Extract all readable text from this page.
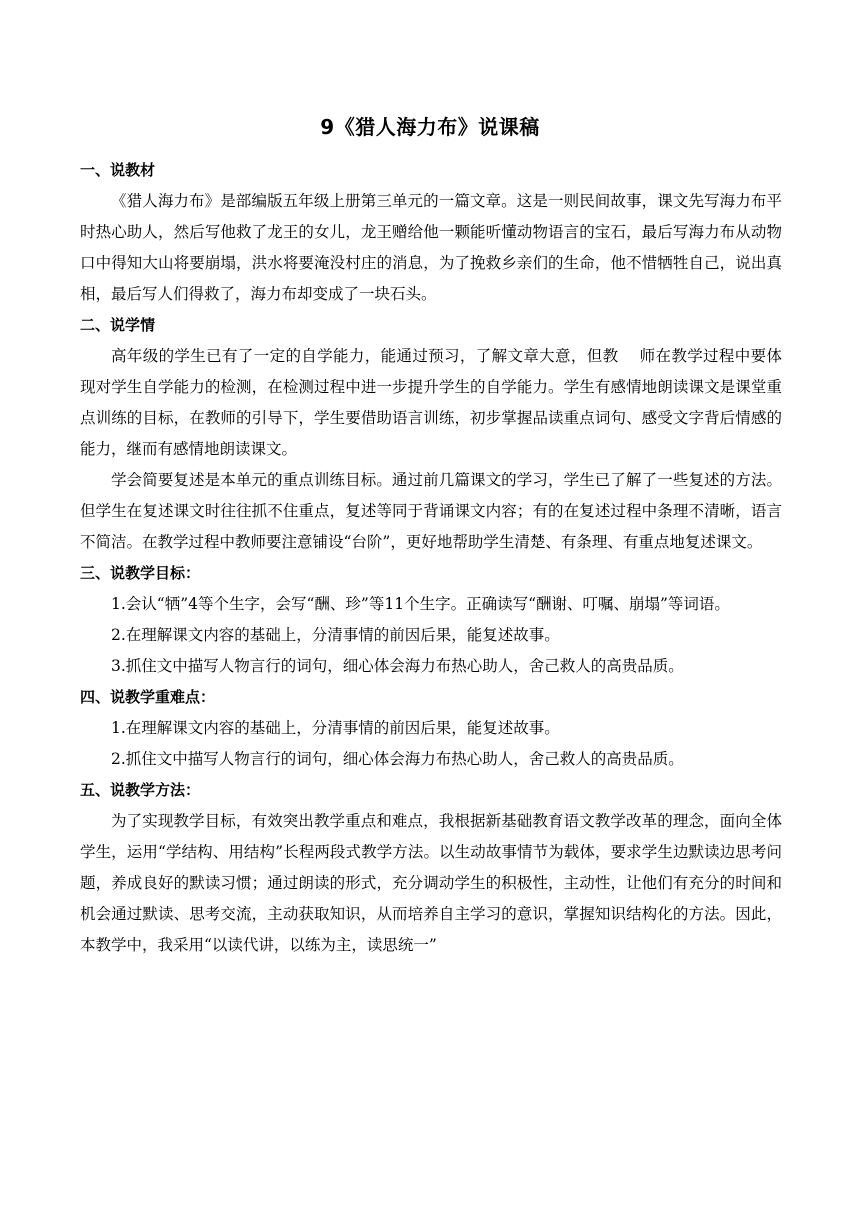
9《猎人海力布》说课稿

一、说教材

《猎人海力布》是部编版五年级上册第三单元的一篇文章。这是一则民间故事，课文先写海力布平时热心助人，然后写他救了龙王的女儿，龙王赠给他一颗能听懂动物语言的宝石，最后写海力布从动物口中得知大山将要崩塌，洪水将要淹没村庄的消息，为了挽救乡亲们的生命，他不惜牺牲自己，说出真相，最后写人们得救了，海力布却变成了一块石头。

二、说学情

高年级的学生已有了一定的自学能力，能通过预习，了解文章大意，但教　 师在教学过程中要体现对学生自学能力的检测，在检测过程中进一步提升学生的自学能力。学生有感情地朗读课文是课堂重点训练的目标，在教师的引导下，学生要借助语言训练，初步掌握品读重点词句、感受文字背后情感的能力，继而有感情地朗读课文。

学会简要复述是本单元的重点训练目标。通过前几篇课文的学习，学生已了解了一些复述的方法。但学生在复述课文时往往抓不住重点，复述等同于背诵课文内容；有的在复述过程中条理不清晰，语言不简洁。在教学过程中教师要注意铺设“台阶”，更好地帮助学生清楚、有条理、有重点地复述课文。

三、说教学目标：

1.会认“牺”4等个生字，会写“酬、珍”等11个生字。正确读写“酬谢、叮嘱、崩塌”等词语。

2.在理解课文内容的基础上，分清事情的前因后果，能复述故事。

3.抓住文中描写人物言行的词句，细心体会海力布热心助人，舍己救人的高贵品质。

四、说教学重难点：

1.在理解课文内容的基础上，分清事情的前因后果，能复述故事。

2.抓住文中描写人物言行的词句，细心体会海力布热心助人，舍己救人的高贵品质。

五、说教学方法：

为了实现教学目标，有效突出教学重点和难点，我根据新基础教育语文教学改革的理念，面向全体学生，运用“学结构、用结构”长程两段式教学方法。以生动故事情节为载体，要求学生边默读边思考问题，养成良好的默读习惯；通过朗读的形式，充分调动学生的积极性，主动性，让他们有充分的时间和机会通过默读、思考交流，主动获取知识，从而培养自主学习的意识，掌握知识结构化的方法。因此，本教学中，我采用“以读代讲，以练为主，读思统一”
